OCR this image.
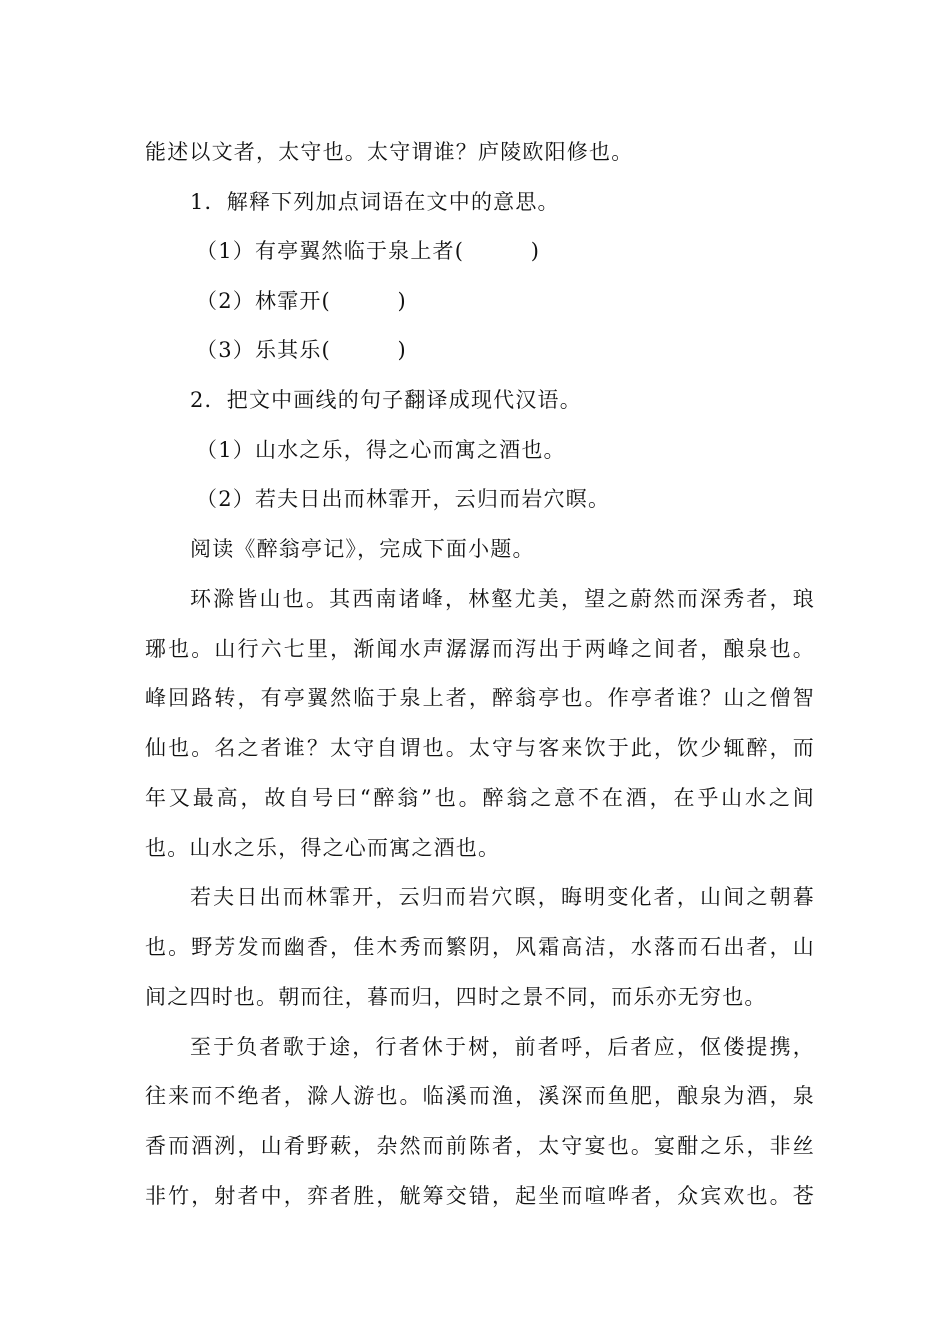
能述以文者，太守也。太守谓谁？庐陵欧阳修也。
1．解释下列加点词语在文中的意思。
（1）有亭翼然临于泉上者(　　　)
（2）林霏开(　　　)
（3）乐其乐(　　　)
2．把文中画线的句子翻译成现代汉语。
（1）山水之乐，得之心而寓之酒也。
（2）若夫日出而林霏开，云归而岩穴暝。
阅读《醉翁亭记》，完成下面小题。
环滁皆山也。其西南诸峰，林壑尤美，望之蔚然而深秀者，琅
琊也。山行六七里，渐闻水声潺潺而泻出于两峰之间者，酿泉也。
峰回路转，有亭翼然临于泉上者，醉翁亭也。作亭者谁？山之僧智
仙也。名之者谁？太守自谓也。太守与客来饮于此，饮少辄醉，而
年又最高，故自号曰“醉翁”也。醉翁之意不在酒，在乎山水之间
也。山水之乐，得之心而寓之酒也。
若夫日出而林霏开，云归而岩穴暝，晦明变化者，山间之朝暮
也。野芳发而幽香，佳木秀而繁阴，风霜高洁，水落而石出者，山
间之四时也。朝而往，暮而归，四时之景不同，而乐亦无穷也。
至于负者歌于途，行者休于树，前者呼，后者应，伛偻提携，
往来而不绝者，滁人游也。临溪而渔，溪深而鱼肥，酿泉为酒，泉
香而酒洌，山肴野蔌，杂然而前陈者，太守宴也。宴酣之乐，非丝
非竹，射者中，弈者胜，觥筹交错，起坐而喧哗者，众宾欢也。苍
